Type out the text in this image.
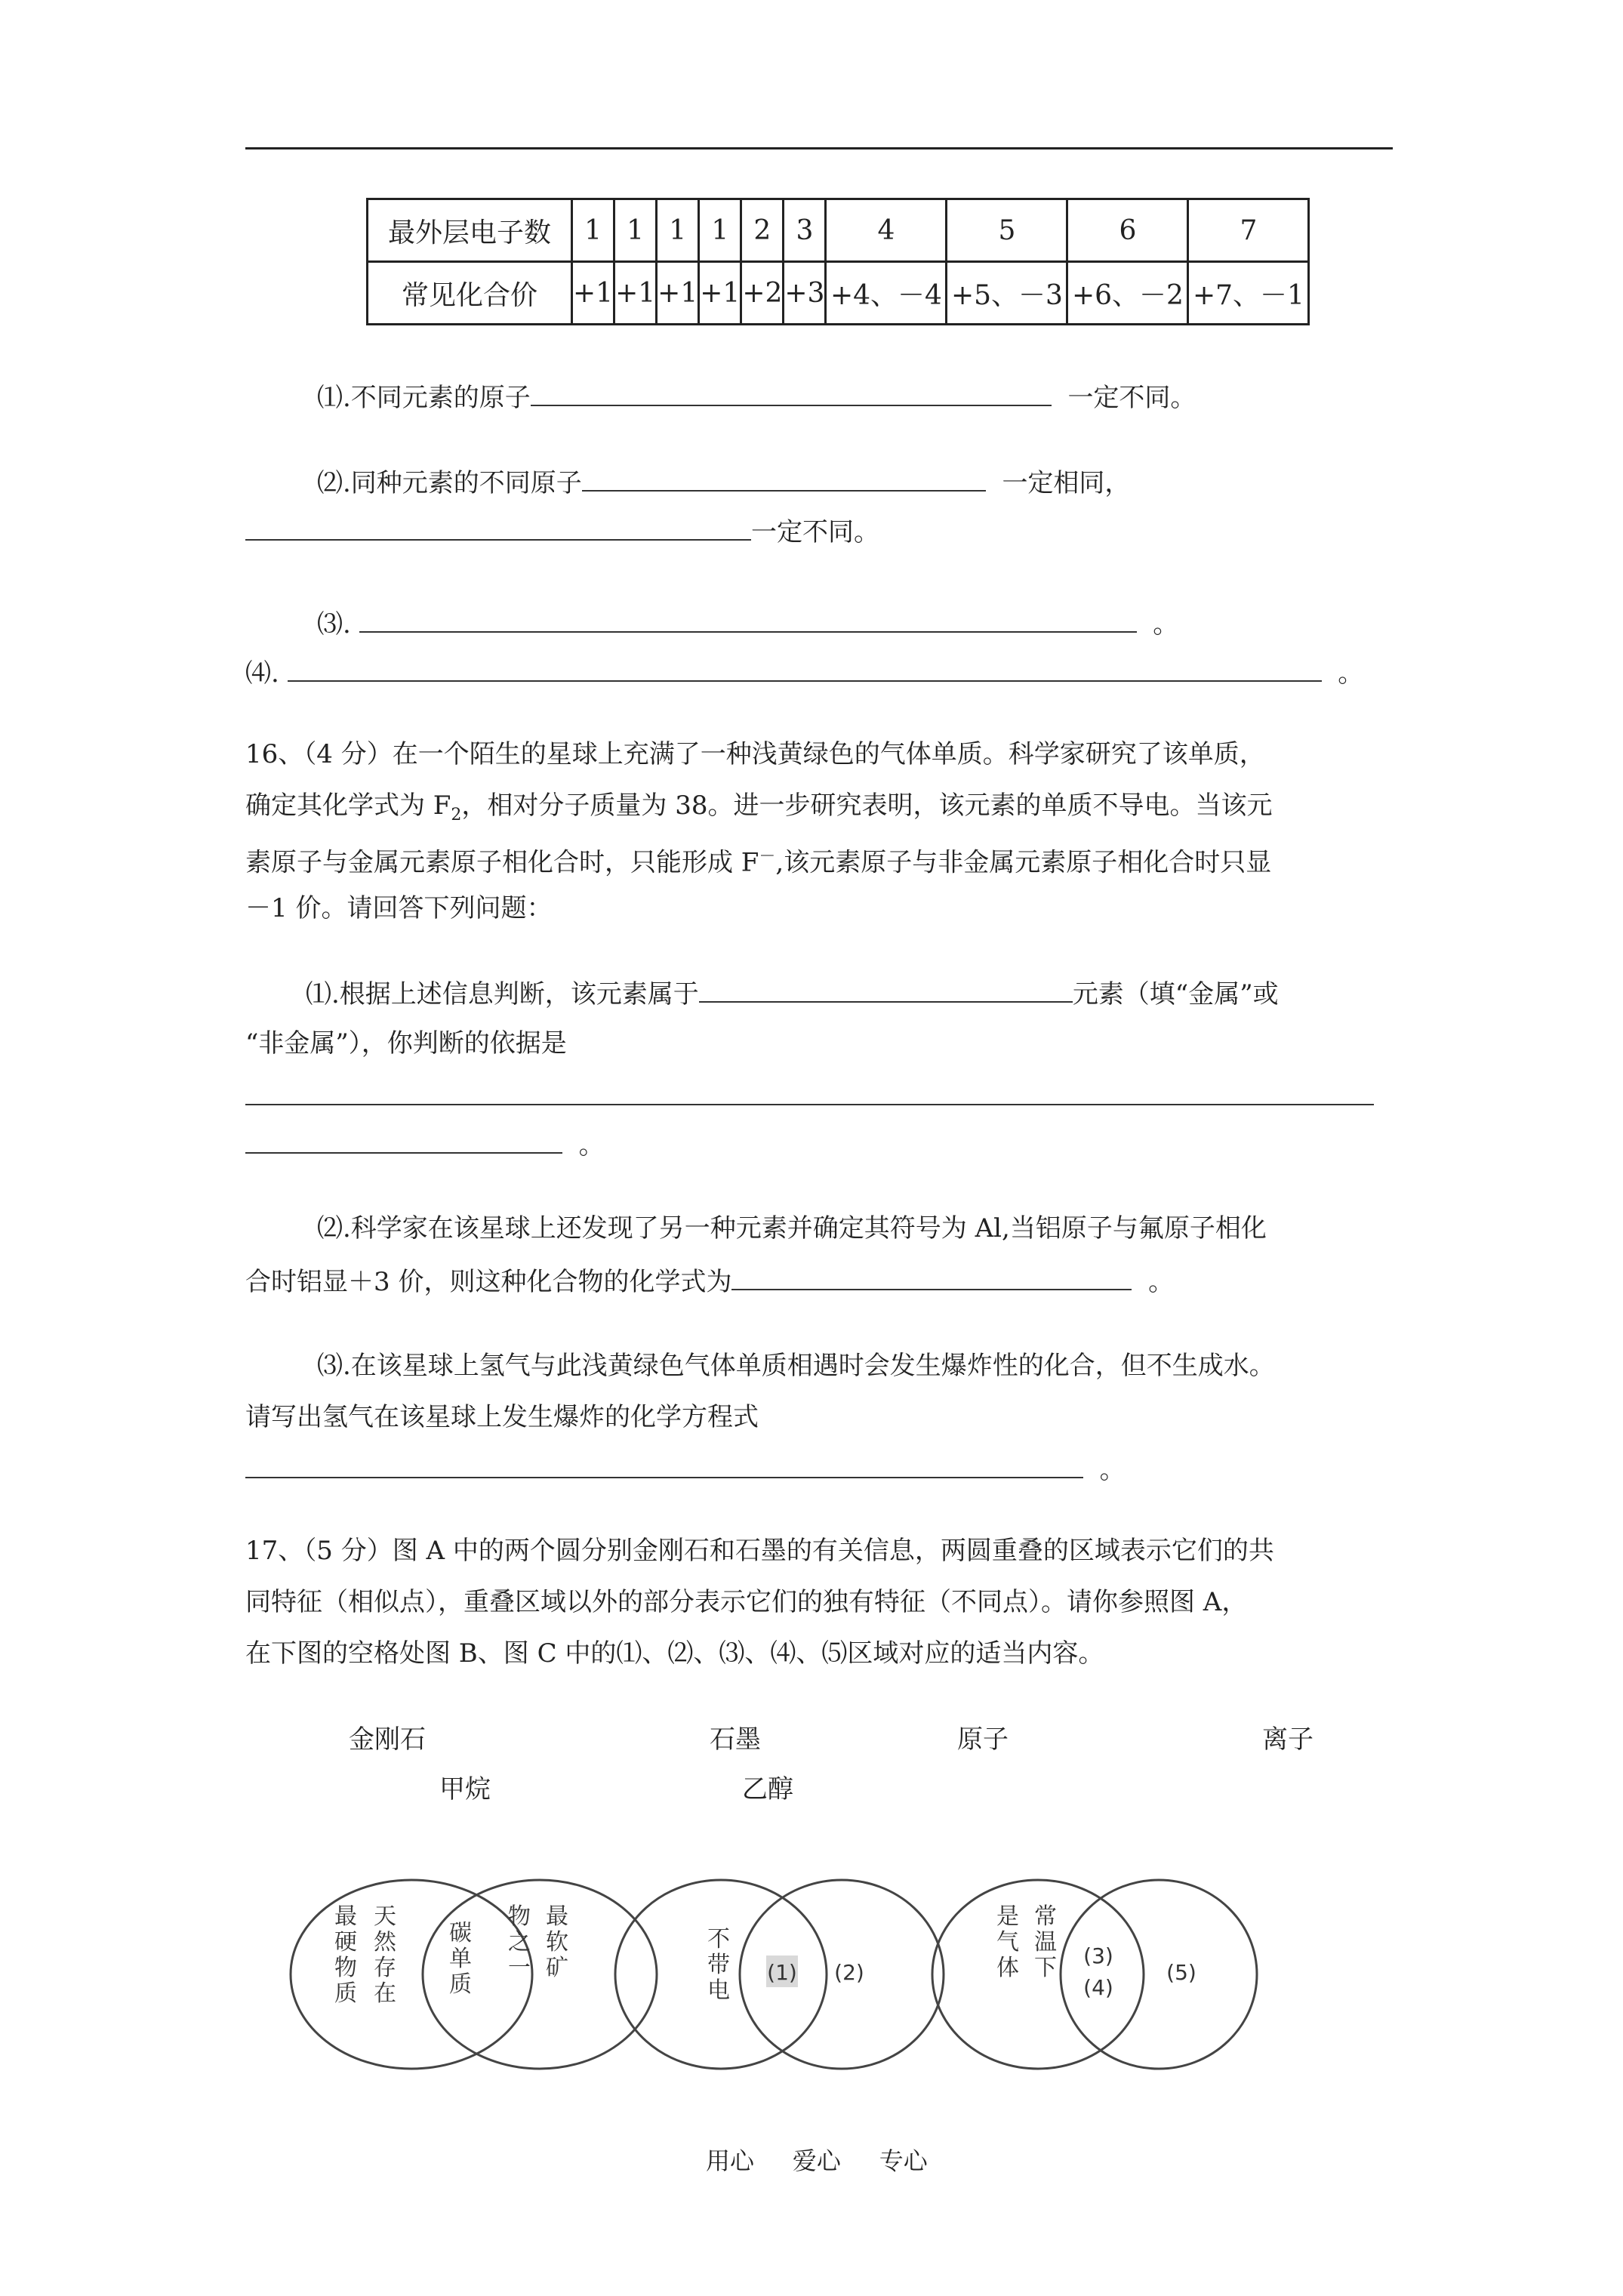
最外层电子数	1	1	1	1	2	3	4	5	6	7
常见化合价	+1	+1	+1	+1	+2	+3	+4、－4	+5、－3	+6、－2	+7、－1
⑴.不同元素的原子	一定不同。
⑵.同种元素的不同原子	一定相同，
一定不同。
⑶.	。
⑷.	。
16、（4 分）在一个陌生的星球上充满了一种浅黄绿色的气体单质。科学家研究了该单质，
确定其化学式为 $F_2$，相对分子质量为 38。进一步研究表明，该元素的单质不导电。当该元
素原子与金属元素原子相化合时，只能形成 F－,该元素原子与非金属元素原子相化合时只显
－1 价。请回答下列问题：
⑴.根据上述信息判断，该元素属于	元素（填“金属”或
“非金属”），你判断的依据是
。
⑵.科学家在该星球上还发现了另一种元素并确定其符号为 Al,当铝原子与氟原子相化
合时铝显＋3 价，则这种化合物的化学式为	。
⑶.在该星球上氢气与此浅黄绿色气体单质相遇时会发生爆炸性的化合，但不生成水。
请写出氢气在该星球上发生爆炸的化学方程式
。
17、（5 分）图 A 中的两个圆分别金刚石和石墨的有关信息，两圆重叠的区域表示它们的共
同特征（相似点），重叠区域以外的部分表示它们的独有特征（不同点）。请你参照图 A，
在下图的空格处图 B、图 C 中的⑴、⑵、⑶、⑷、⑸区域对应的适当内容。
金刚石	石墨	原子	离子
甲烷	乙醇
最
硬
物
质
天
然
存
在
碳
单
质
物
之
一
最
软
矿
不
带
电
(1) (2)
是
气
体
常
温
下 (3)
(4)
(5)
用心 爱心 专心
